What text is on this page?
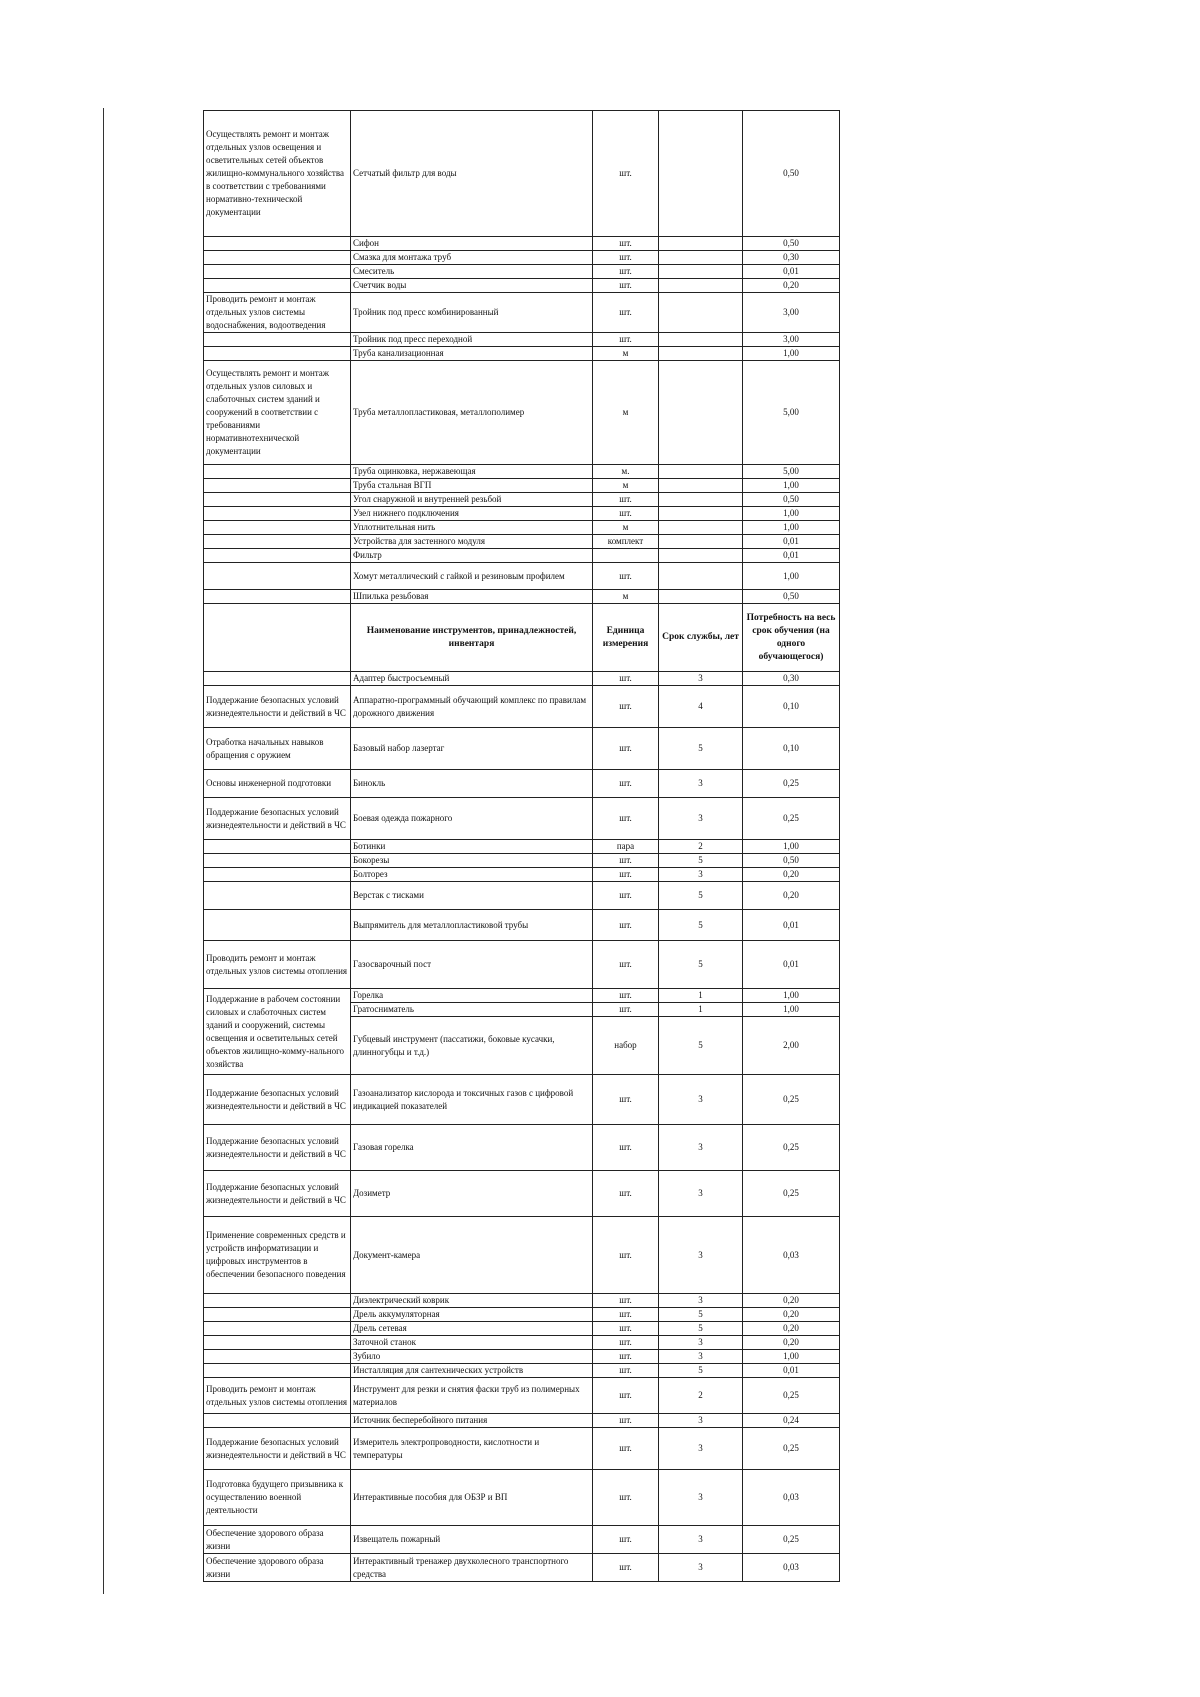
Осуществлять ремонт и монтаж отдельных узлов освещения и осветительных сетей объектов жилищно-коммунального хозяйства в соответствии с требованиями нормативно-технической документации	Сетчатый фильтр для воды	шт.		0,50
	Сифон	шт.		0,50
	Смазка для монтажа труб	шт.		0,30
	Смеситель	шт.		0,01
	Счетчик воды	шт.		0,20
Проводить ремонт и монтаж отдельных узлов системы водоснабжения, водоотведения	Тройник под пресс комбинированный	шт.		3,00
	Тройник под пресс переходной	шт.		3,00
	Труба канализационная	м		1,00
Осуществлять ремонт и монтаж отдельных узлов силовых и слаботочных систем зданий и сооружений в соответствии с требованиями нормативнотехнической документации	Труба металлопластиковая, металлополимер	м		5,00
	Труба оцинковка, нержавеющая	м.		5,00
	Труба стальная ВГП	м		1,00
	Угол снаружной и внутренней резьбой	шт.		0,50
	Узел нижнего подключения	шт.		1,00
	Уплотнительная нить	м		1,00
	Устройства для застенного модуля	комплект		0,01
	Фильтр			0,01
	Хомут металлический с гайкой и резиновым профилем	шт.		1,00
	Шпилька резьбовая	м		0,50
	Наименование инструментов, принадлежностей, инвентаря	Единица измерения	Срок службы, лет	Потребность на весь срок обучения (на одного обучающегося)
	Адаптер быстросъемный	шт.	3	0,30
Поддержание безопасных условий жизнедеятельности и действий в ЧС	Аппаратно-программный обучающий комплекс по правилам дорожного движения	шт.	4	0,10
Отработка начальных навыков обращения с оружием	Базовый набор лазертаг	шт.	5	0,10
Основы инженерной подготовки	Бинокль	шт.	3	0,25
Поддержание безопасных условий жизнедеятельности и действий в ЧС	Боевая одежда пожарного	шт.	3	0,25
	Ботинки	пара	2	1,00
	Бокорезы	шт.	5	0,50
	Болторез	шт.	3	0,20
	Верстак с тисками	шт.	5	0,20
	Выпрямитель для металлопластиковой трубы	шт.	5	0,01
Проводить ремонт и монтаж отдельных узлов системы отопления	Газосварочный пост	шт.	5	0,01
Поддержание в рабочем состоянии силовых и слаботочных систем зданий и сооружений, системы освещения и осветительных сетей объектов жилищно-комму-нального хозяйства	Горелка	шт.	1	1,00
	Гратосниматель	шт.	1	1,00
	Губцевый инструмент (пассатижи, боковые кусачки, длинногубцы и т.д.)	набор	5	2,00
Поддержание безопасных условий жизнедеятельности и действий в ЧС	Газоанализатор кислорода и токсичных газов с цифровой индикацией показателей	шт.	3	0,25
Поддержание безопасных условий жизнедеятельности и действий в ЧС	Газовая горелка	шт.	3	0,25
Поддержание безопасных условий жизнедеятельности и действий в ЧС	Дозиметр	шт.	3	0,25
Применение современных средств и устройств информатизации и цифровых инструментов в обеспечении безопасного поведения	Документ-камера	шт.	3	0,03
	Диэлектрический коврик	шт.	3	0,20
	Дрель аккумуляторная	шт.	5	0,20
	Дрель сетевая	шт.	5	0,20
	Заточной станок	шт.	3	0,20
	Зубило	шт.	3	1,00
	Инсталляция для сантехнических устройств	шт.	5	0,01
Проводить ремонт и монтаж отдельных узлов системы отопления	Инструмент для резки и снятия фаски труб из полимерных материалов	шт.	2	0,25
	Источник бесперебойного питания	шт.	3	0,24
Поддержание безопасных условий жизнедеятельности и действий в ЧС	Измеритель электропроводности, кислотности и температуры	шт.	3	0,25
Подготовка будущего призывника к осуществлению военной деятельности	Интерактивные пособия для ОБЗР и ВП	шт.	3	0,03
Обеспечение здорового образа жизни	Извещатель пожарный	шт.	3	0,25
Обеспечение здорового образа жизни	Интерактивный тренажер двухколесного транспортного средства	шт.	3	0,03
